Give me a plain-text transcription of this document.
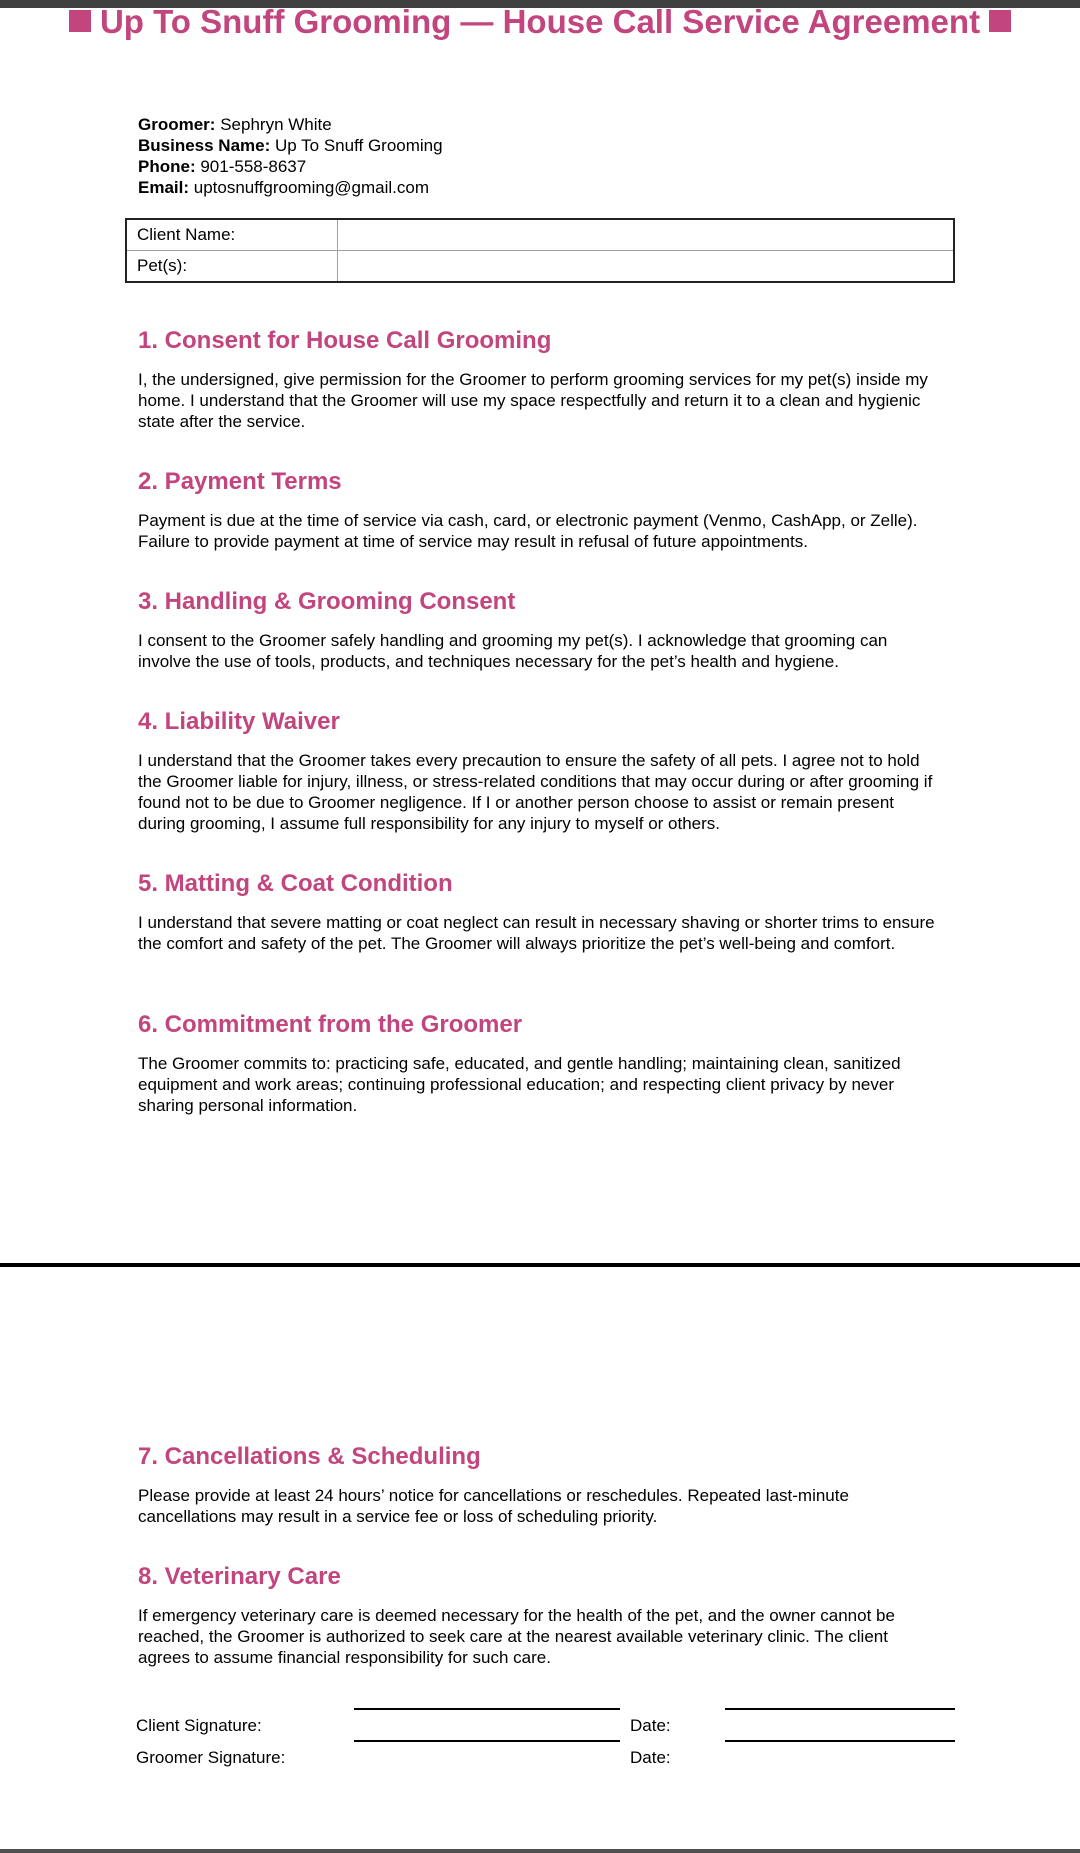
Up To Snuff Grooming — House Call Service Agreement
Groomer: Sephryn White
Business Name: Up To Snuff Grooming
Phone: 901-558-8637
Email: uptosnuffgrooming@gmail.com
Client Name:	
Pet(s):	
1. Consent for House Call Grooming

I, the undersigned, give permission for the Groomer to perform grooming services for my pet(s) inside my home. I understand that the Groomer will use my space respectfully and return it to a clean and hygienic state after the service.

2. Payment Terms

Payment is due at the time of service via cash, card, or electronic payment (Venmo, CashApp, or Zelle). Failure to provide payment at time of service may result in refusal of future appointments.

3. Handling & Grooming Consent

I consent to the Groomer safely handling and grooming my pet(s). I acknowledge that grooming can involve the use of tools, products, and techniques necessary for the pet’s health and hygiene.

4. Liability Waiver

I understand that the Groomer takes every precaution to ensure the safety of all pets. I agree not to hold the Groomer liable for injury, illness, or stress-related conditions that may occur during or after grooming if found not to be due to Groomer negligence. If I or another person choose to assist or remain present during grooming, I assume full responsibility for any injury to myself or others.

5. Matting & Coat Condition

I understand that severe matting or coat neglect can result in necessary shaving or shorter trims to ensure the comfort and safety of the pet. The Groomer will always prioritize the pet’s well-being and comfort.

6. Commitment from the Groomer

The Groomer commits to: practicing safe, educated, and gentle handling; maintaining clean, sanitized equipment and work areas; continuing professional education; and respecting client privacy by never sharing personal information.

7. Cancellations & Scheduling

Please provide at least 24 hours’ notice for cancellations or reschedules. Repeated last-minute cancellations may result in a service fee or loss of scheduling priority.

8. Veterinary Care

If emergency veterinary care is deemed necessary for the health of the pet, and the owner cannot be reached, the Groomer is authorized to seek care at the nearest available veterinary clinic. The client agrees to assume financial responsibility for such care.

Client Signature:	Date:
Groomer Signature:	Date:
